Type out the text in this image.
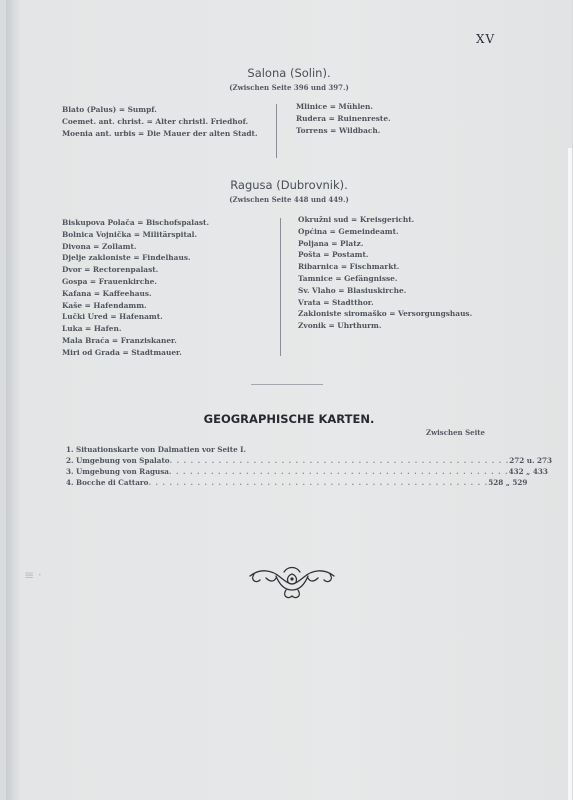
XV
Salona (Solin).
(Zwischen Seite 396 und 397.)
Blato (Palus) = Sumpf.
Coemet. ant. christ. = Alter christl. Friedhof.
Moenia ant. urbis = Die Mauer der alten Stadt.
Mlinice = Mühlen.
Rudera = Ruinenreste.
Torrens = Wildbach.
Ragusa (Dubrovnik).
(Zwischen Seite 448 und 449.)
Biskupova Polača = Bischofspalast.
Bolnica Vojnička = Militärspital.
Divona = Zollamt.
Djelje zakloniste = Findelhaus.
Dvor = Rectorenpalast.
Gospa = Frauenkirche.
Kafana = Kaffeehaus.
Kaše = Hafendamm.
Lučki Ured = Hafenamt.
Luka = Hafen.
Mala Braća = Franziskaner.
Miri od Grada = Stadtmauer.
Okružni sud = Kreisgericht.
Općina = Gemeindeamt.
Poljana = Platz.
Pošta = Postamt.
Ribarnica = Fischmarkt.
Tamnice = Gefängnisse.
Sv. Vlaho = Blasiuskirche.
Vrata = Stadtthor.
Zakloniste siromaško = Versorgungshaus.
Zvonik = Uhrthurm.
GEOGRAPHISCHE KARTEN.
Zwischen Seite
1. Situationskarte von Dalmatien vor Seite I.
2. Umgebung von Spalato . . . . . . . . . . . . . . . . . . . . . . . . . . . . . . . . . . . . . . . . . . . . . . . . . 272 u. 273
3. Umgebung von Ragusa . . . . . . . . . . . . . . . . . . . . . . . . . . . . . . . . . . . . . . . . . . . . . . . . . 432 „ 433
4. Bocche di Cattaro . . . . . . . . . . . . . . . . . . . . . . . . . . . . . . . . . . . . . . . . . . . . . . . . . 528 „ 529
≡ ·
